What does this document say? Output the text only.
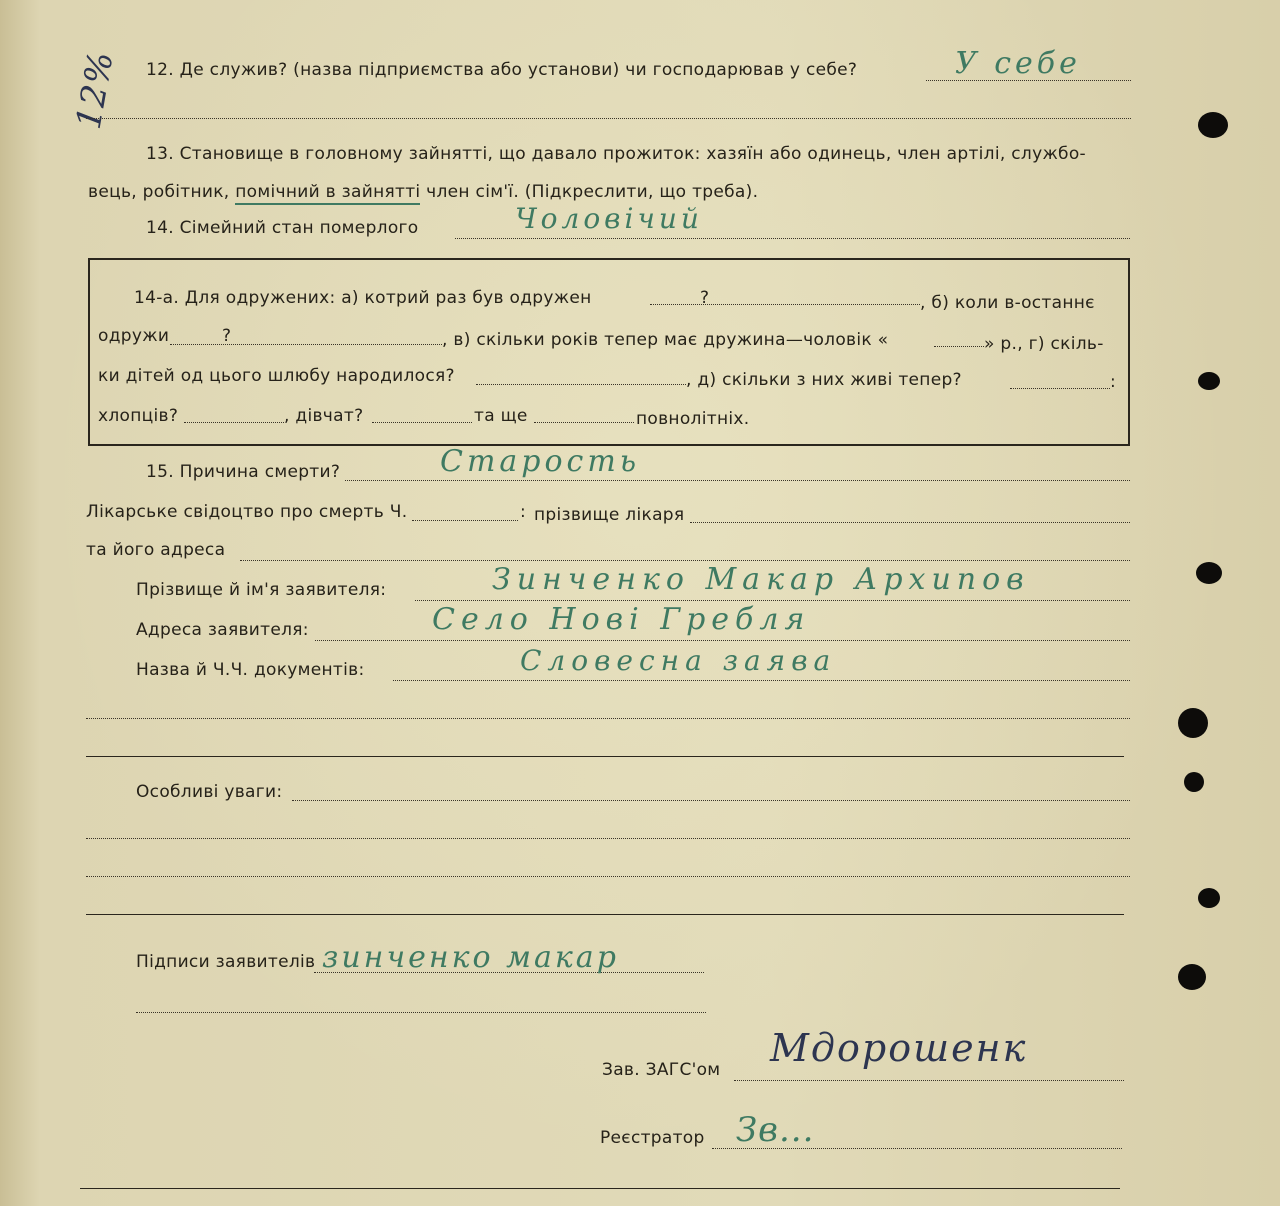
12% 12. Де служив? (назва підприємства або установи) чи господарював у себе?	У себе
13. Становище в головному зайнятті, що давало прожиток: хазяїн або одинець, член артілі, службо-
вець, робітник, помічний в зайнятті член сім'ї. (Підкреслити, що треба).
14. Сімейний стан померлого	Чоловічий
14-а. Для одружених: а) котрий раз був одружен	?	, б) коли в-останнє
одружи	?	, в) скільки років тепер має дружина—чоловік «	» р., г) скіль-
ки дітей од цього шлюбу народилося?	, д) скільки з них живі тепер?	:
хлопців?	, дівчат?	та ще	повнолітніх.
15. Причина смерти?	Старость
Лікарське свідоцтво про смерть Ч.	: прізвище лікаря
та його адреса
Прізвище й ім'я заявителя:	Зинченко Макар Архипов
Адреса заявителя:	Село Нові Гребля
Назва й Ч.Ч. документів:	Словесна заява
Особливі уваги:
Підписи заявителів зинченко макар
Зав. ЗАГС'ом Мдорошенк
Реєстратор Зв...
